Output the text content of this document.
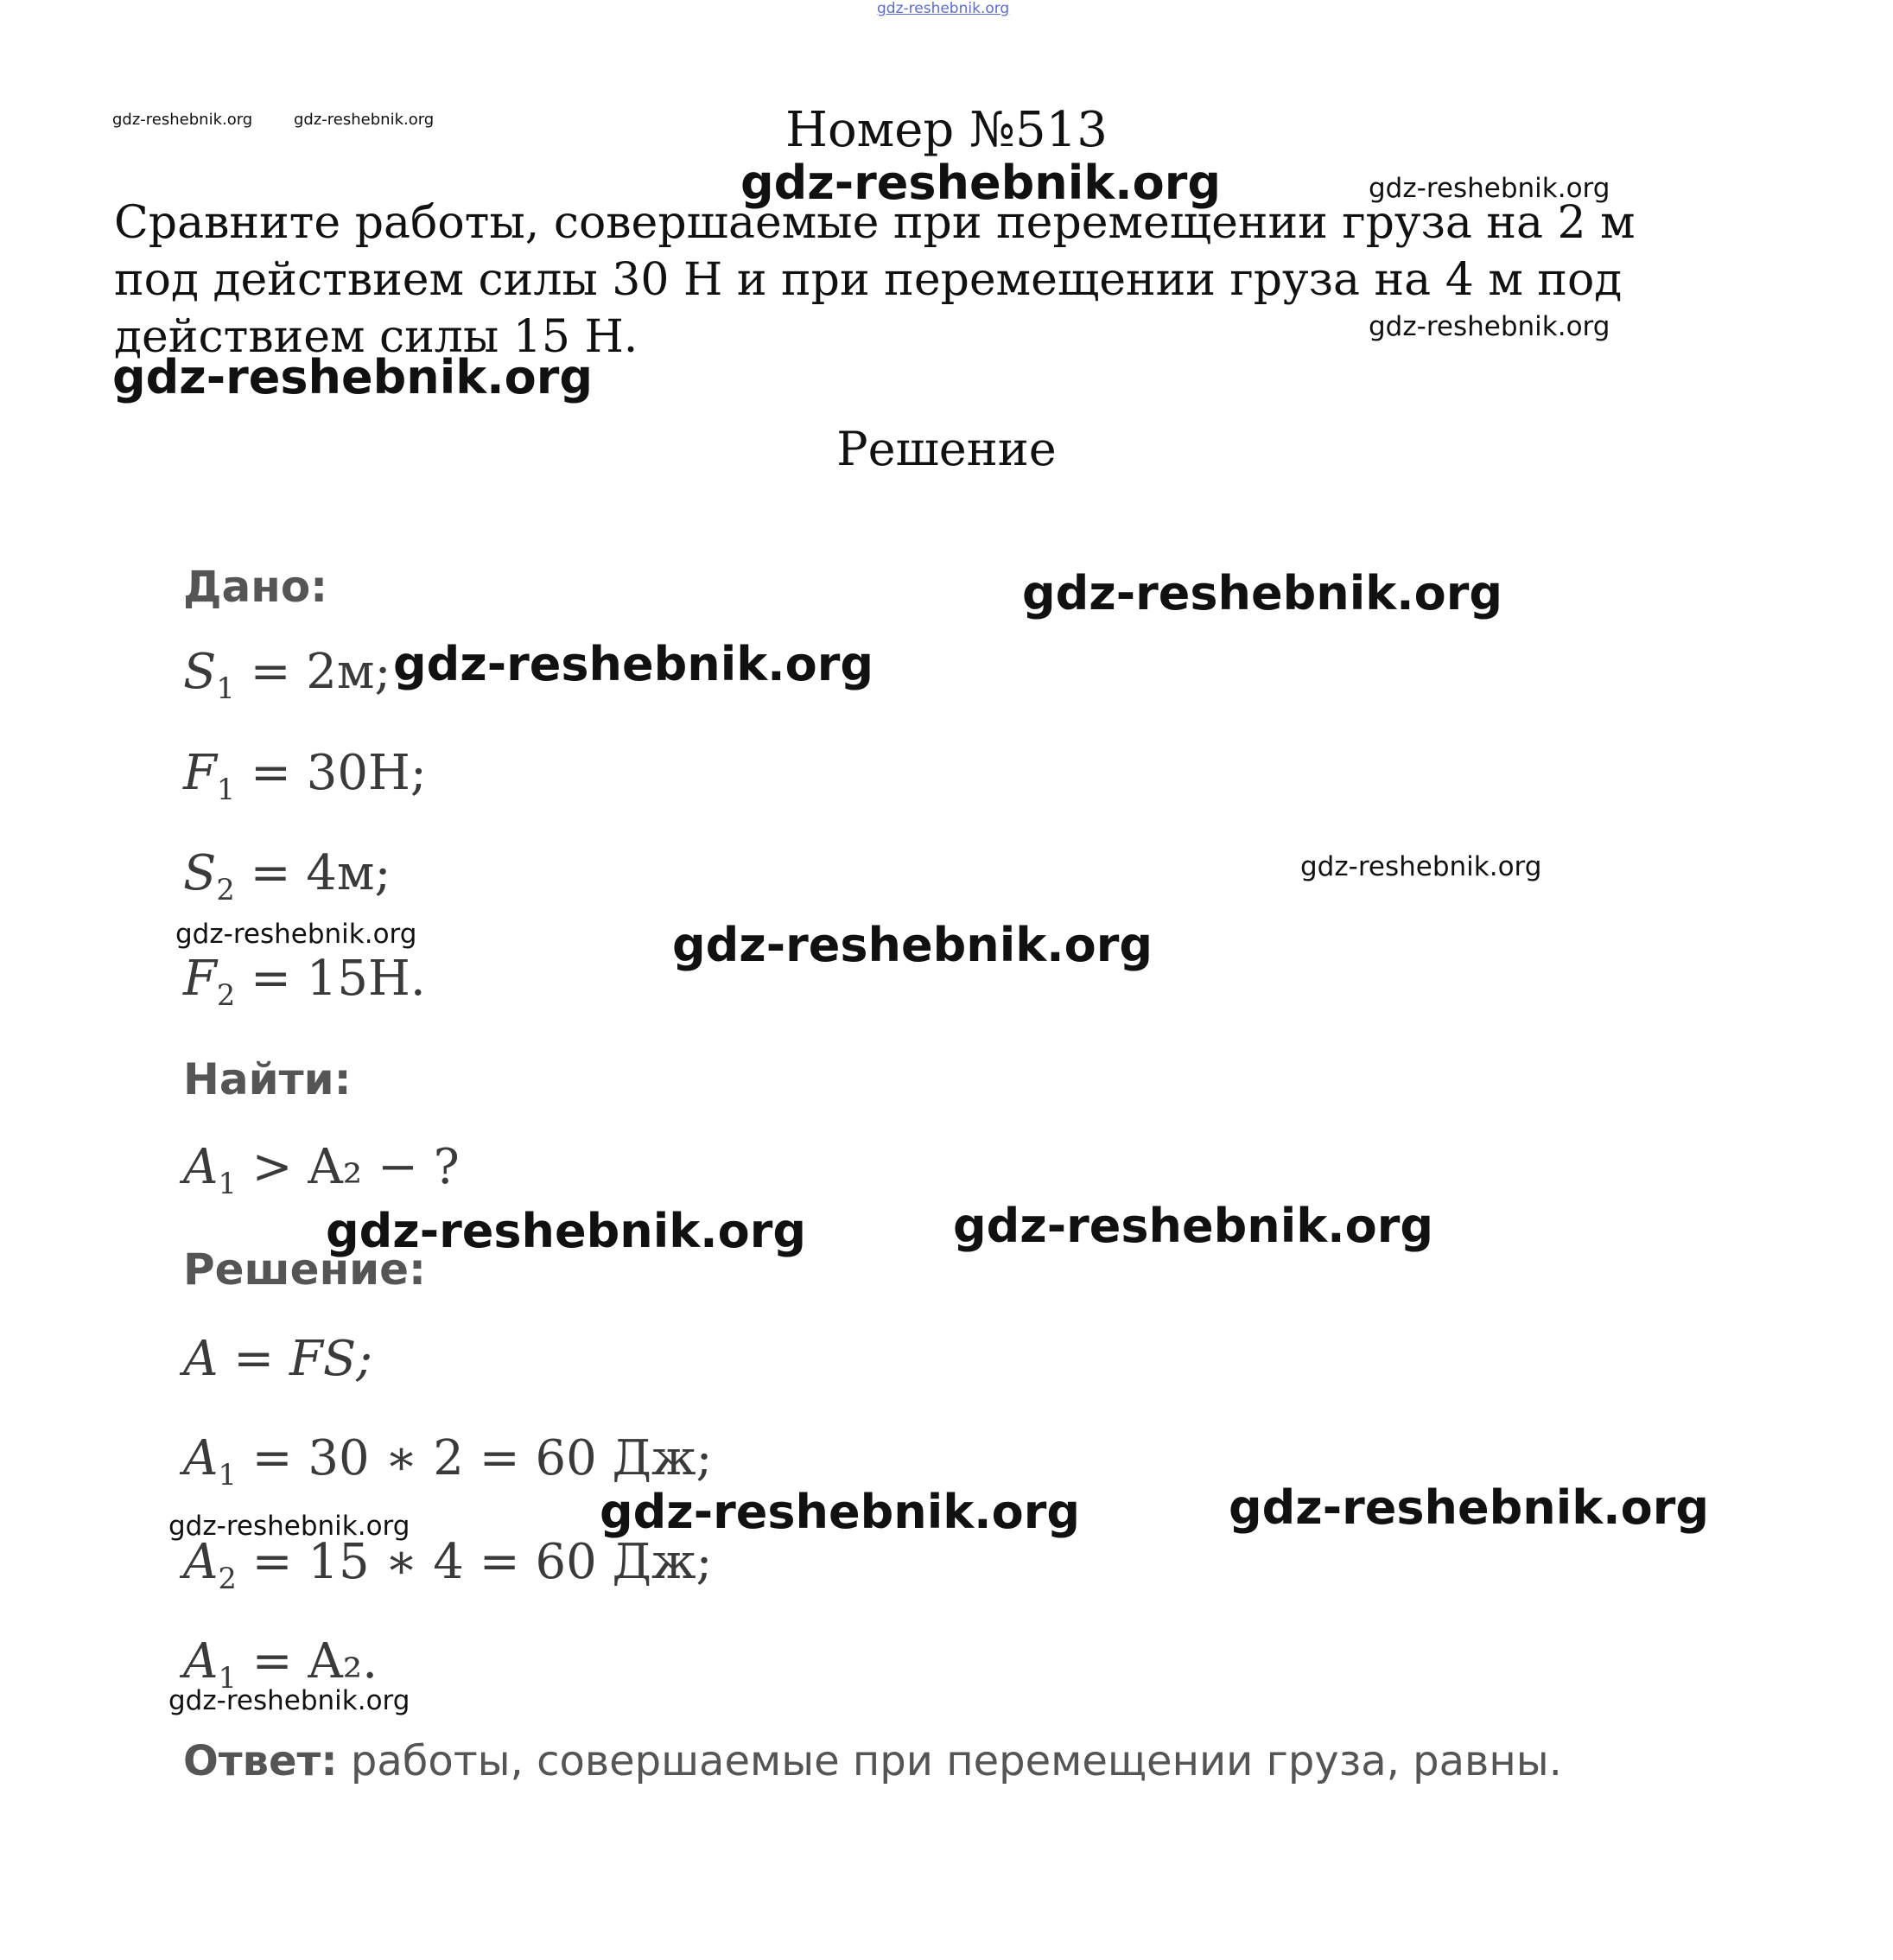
gdz-reshebnik.org
gdz-reshebnik.org	gdz-reshebnik.org	Номер №513
gdz-reshebnik.org	gdz-reshebnik.org
Сравните работы, совершаемые при перемещении груза на 2 м под действием силы 30 Н и при перемещении груза на 4 м под действием силы 15 Н.	gdz-reshebnik.org
gdz-reshebnik.org
Решение
Дано:
$S_1 = 2м$;
$F_1 = 30Н$;
$S_2 = 4м$;
$F_2 = 15Н$.
Найти:
$A_1 > A_2$ − ?
Решение:
A = FS;
$A_1 = 30$ ∗ 2 = 60 Дж;
$A_2 = 15$ ∗ 4 = 60 Дж;
$A_1 = A_2$.
Ответ: работы, совершаемые при перемещении груза, равны.
gdz-reshebnik.org
gdz-reshebnik.org
gdz-reshebnik.org
gdz-reshebnik.org	gdz-reshebnik.org
gdz-reshebnik.org	gdz-reshebnik.org
gdz-reshebnik.org	gdz-reshebnik.org	gdz-reshebnik.org
gdz-reshebnik.org
